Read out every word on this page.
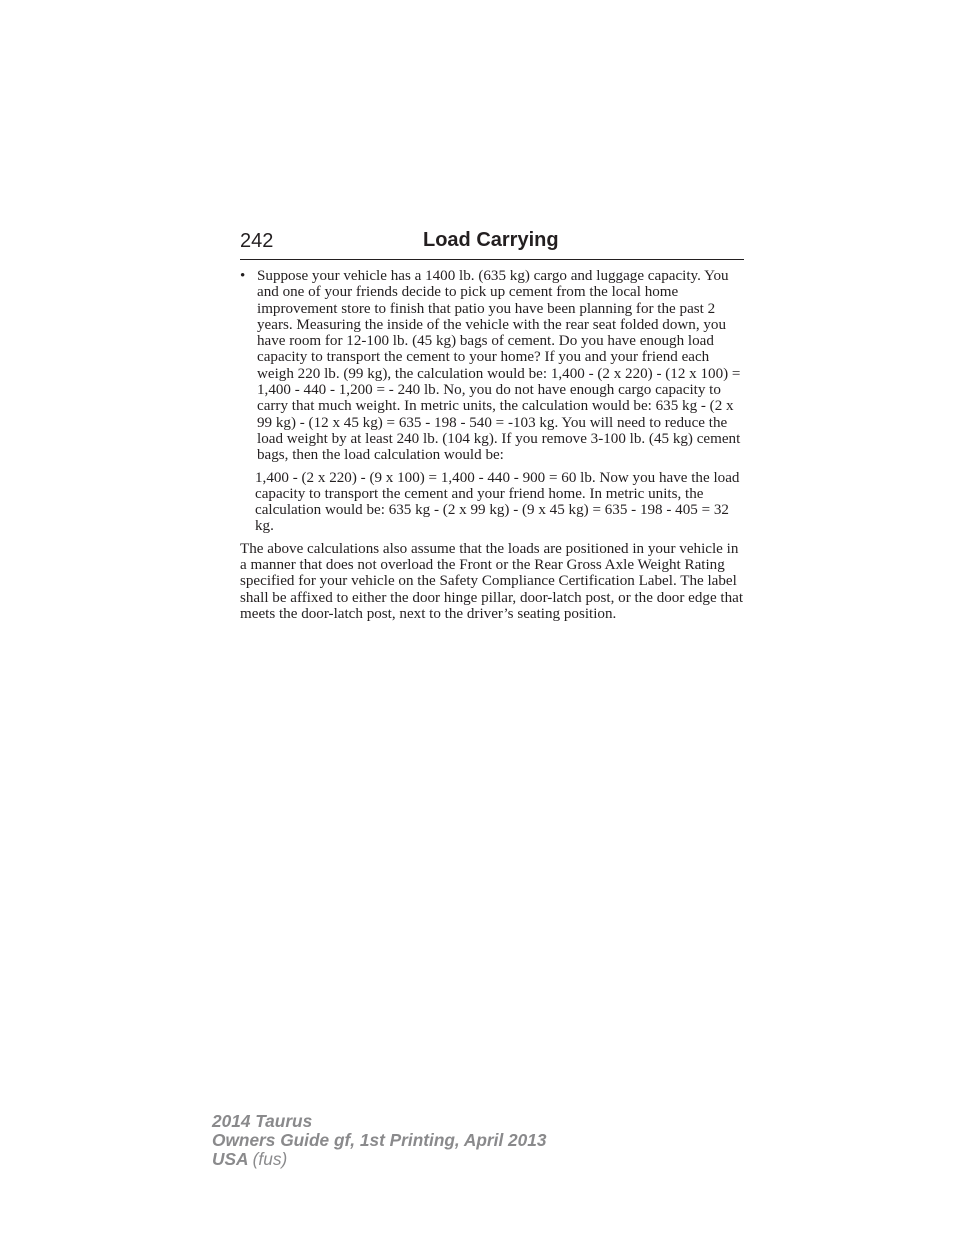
242	Load Carrying

• Suppose your vehicle has a 1400 lb. (635 kg) cargo and luggage capacity. You and one of your friends decide to pick up cement from the local home improvement store to finish that patio you have been planning for the past 2 years. Measuring the inside of the vehicle with the rear seat folded down, you have room for 12-100 lb. (45 kg) bags of cement. Do you have enough load capacity to transport the cement to your home? If you and your friend each weigh 220 lb. (99 kg), the calculation would be: 1,400 - (2 x 220) - (12 x 100) = 1,400 - 440 - 1,200 = - 240 lb. No, you do not have enough cargo capacity to carry that much weight. In metric units, the calculation would be: 635 kg - (2 x 99 kg) - (12 x 45 kg) = 635 - 198 - 540 = -103 kg. You will need to reduce the load weight by at least 240 lb. (104 kg). If you remove 3-100 lb. (45 kg) cement bags, then the load calculation would be:

1,400 - (2 x 220) - (9 x 100) = 1,400 - 440 - 900 = 60 lb. Now you have the load capacity to transport the cement and your friend home. In metric units, the calculation would be: 635 kg - (2 x 99 kg) - (9 x 45 kg) = 635 - 198 - 405 = 32 kg.

The above calculations also assume that the loads are positioned in your vehicle in a manner that does not overload the Front or the Rear Gross Axle Weight Rating specified for your vehicle on the Safety Compliance Certification Label. The label shall be affixed to either the door hinge pillar, door-latch post, or the door edge that meets the door-latch post, next to the driver’s seating position.

2014 Taurus
Owners Guide gf, 1st Printing, April 2013
USA (fus)
